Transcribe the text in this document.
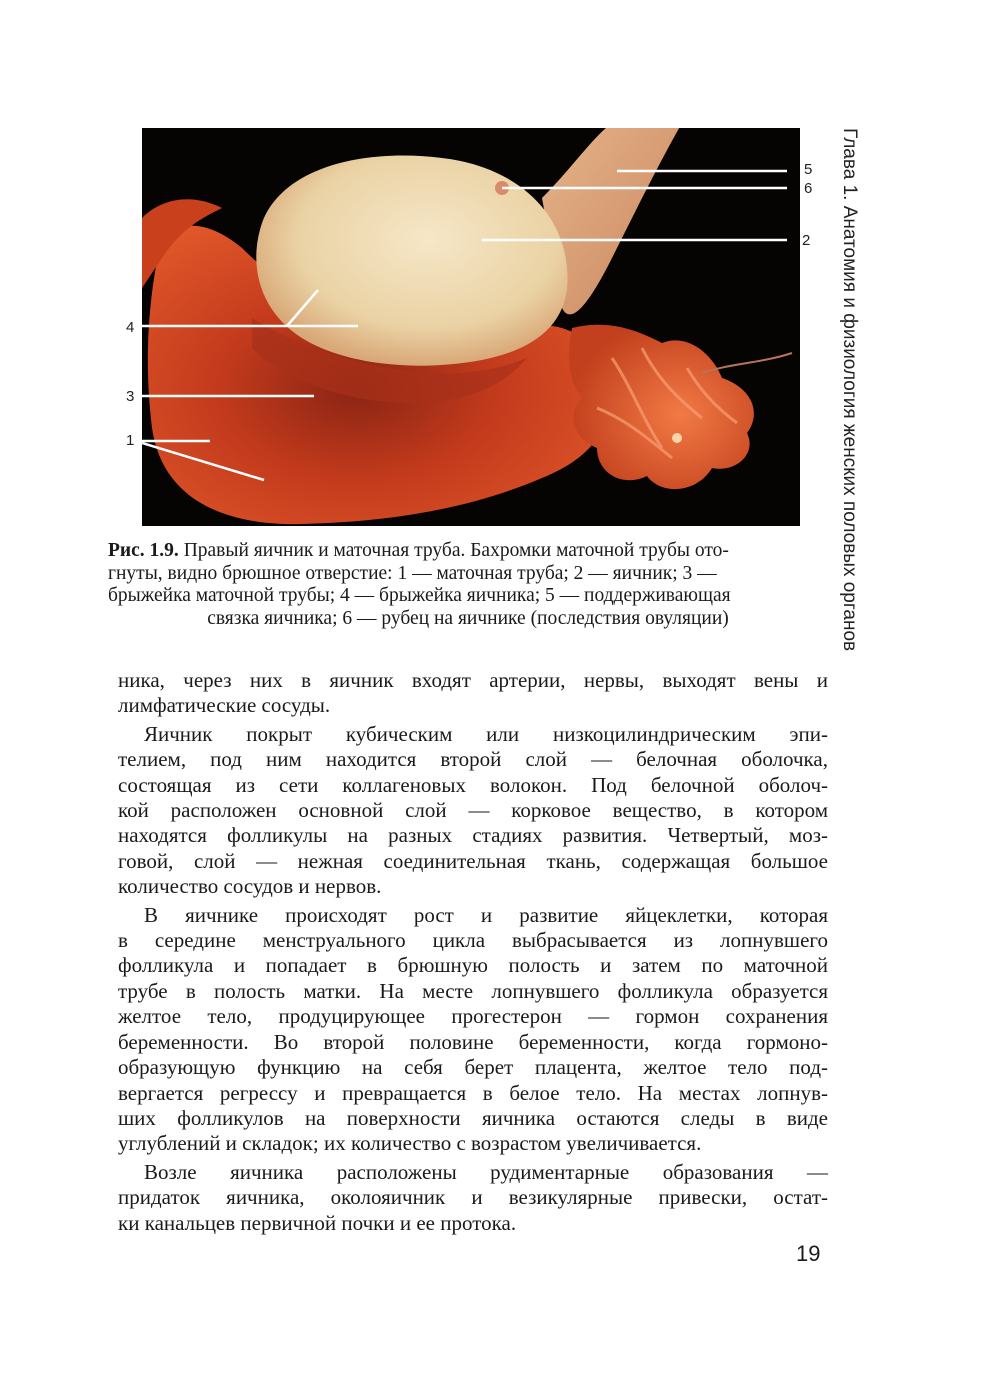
Глава 1. Анатомия и физиология женских половых органов
5
6
2
4
3
1
Рис. 1.9. Правый яичник и маточная труба. Бахромки маточной трубы ото-
гнуты, видно брюшное отверстие: 1 — маточная труба; 2 — яичник; 3 —
брыжейка маточной трубы; 4 — брыжейка яичника; 5 — поддерживающая
связка яичника; 6 — рубец на яичнике (последствия овуляции)

ника, через них в яичник входят артерии, нервы, выходят вены и

лимфатические сосуды.

Яичник покрыт кубическим или низкоцилиндрическим эпи-

телием, под ним находится второй слой — белочная оболочка,

состоящая из сети коллагеновых волокон. Под белочной оболоч-

кой расположен основной слой — корковое вещество, в котором

находятся фолликулы на разных стадиях развития. Четвертый, моз-

говой, слой — нежная соединительная ткань, содержащая большое

количество сосудов и нервов.

В яичнике происходят рост и развитие яйцеклетки, которая

в середине менструального цикла выбрасывается из лопнувшего

фолликула и попадает в брюшную полость и затем по маточной

трубе в полость матки. На месте лопнувшего фолликула образуется

желтое тело, продуцирующее прогестерон — гормон сохранения

беременности. Во второй половине беременности, когда гормоно-

образующую функцию на себя берет плацента, желтое тело под-

вергается регрессу и превращается в белое тело. На местах лопнув-

ших фолликулов на поверхности яичника остаются следы в виде

углублений и складок; их количество с возрастом увеличивается.

Возле яичника расположены рудиментарные образования —

придаток яичника, околояичник и везикулярные привески, остат-

ки канальцев первичной почки и ее протока.

19
